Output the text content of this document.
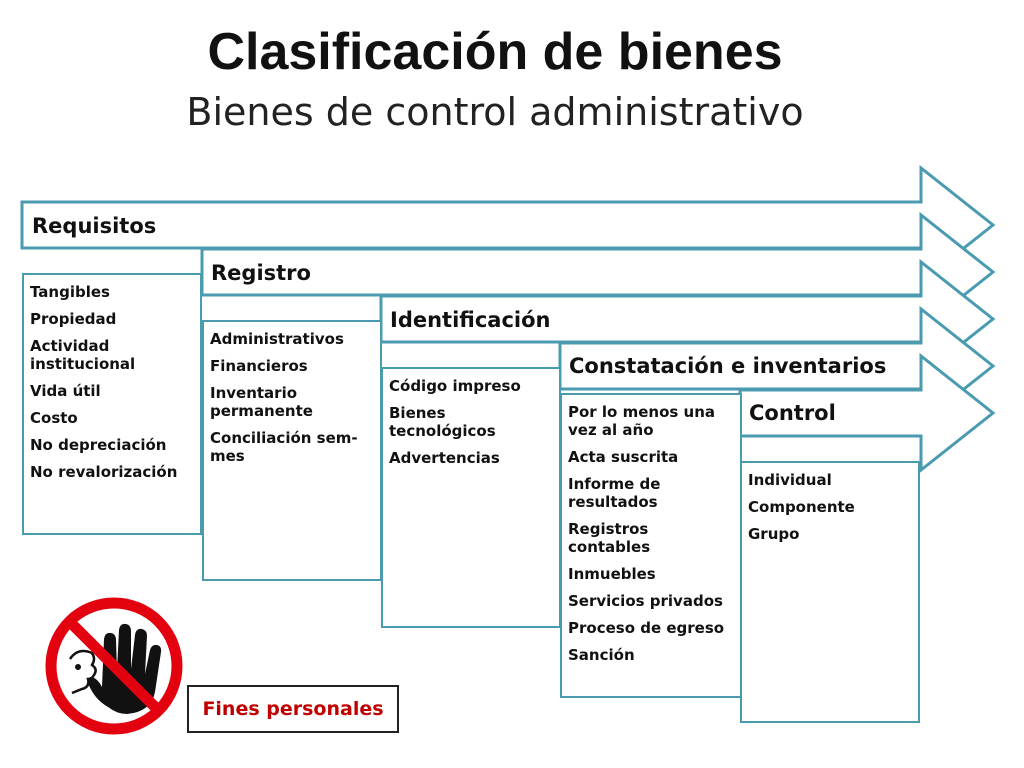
Clasificación de bienes
Bienes de control administrativo
Tangibles
Propiedad
Actividad institucional
Vida útil
Costo
No depreciación
No revalorización
Administrativos
Financieros
Inventario permanente
Conciliación sem-mes
Código impreso
Bienes tecnológicos
Advertencias
Por lo menos una vez al año
Acta suscrita
Informe de resultados
Registros contables
Inmuebles
Servicios privados
Proceso de egreso
Sanción
Individual
Componente
Grupo
Requisitos
Registro
Identificación
Constatación e inventarios
Control
Fines personales
